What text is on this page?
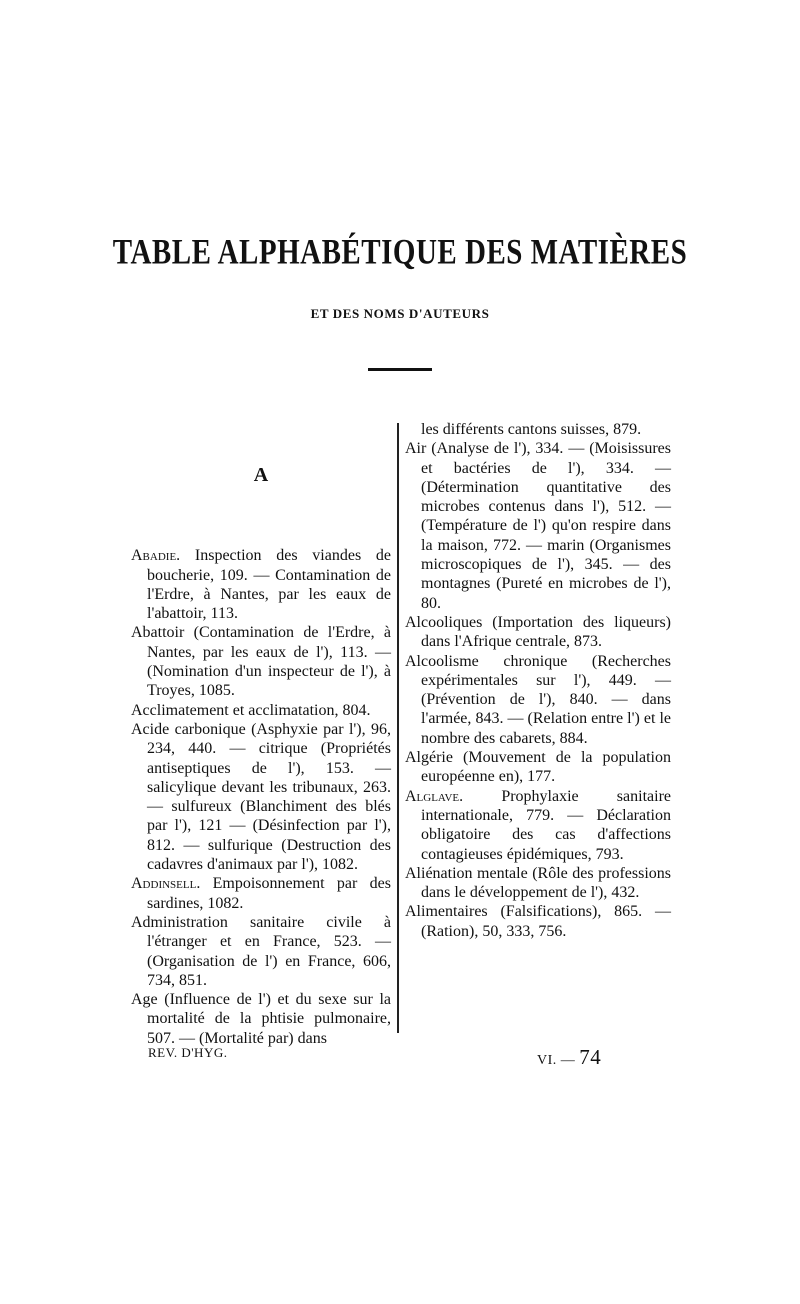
TABLE ALPHABÉTIQUE DES MATIÈRES
ET DES NOMS D'AUTEURS
A

Abadie. Inspection des viandes de boucherie, 109. — Contamination de l'Erdre, à Nantes, par les eaux de l'abattoir, 113.

Abattoir (Contamination de l'Erdre, à Nantes, par les eaux de l'), 113. — (Nomination d'un inspecteur de l'), à Troyes, 1085.

Acclimatement et acclimatation, 804.

Acide carbonique (Asphyxie par l'), 96, 234, 440. — citrique (Propriétés antiseptiques de l'), 153. — salicylique devant les tribunaux, 263. — sulfureux (Blanchiment des blés par l'), 121 — (Désinfection par l'), 812. — sulfurique (Destruction des cadavres d'animaux par l'), 1082.

Addinsell. Empoisonnement par des sardines, 1082.

Administration sanitaire civile à l'étranger et en France, 523. — (Organisation de l') en France, 606, 734, 851.

Age (Influence de l') et du sexe sur la mortalité de la phtisie pulmonaire, 507. — (Mortalité par) dans

les différents cantons suisses, 879.

Air (Analyse de l'), 334. — (Moisissures et bactéries de l'), 334. — (Détermination quantitative des microbes contenus dans l'), 512. — (Température de l') qu'on respire dans la maison, 772. — marin (Organismes microscopiques de l'), 345. — des montagnes (Pureté en microbes de l'), 80.

Alcooliques (Importation des liqueurs) dans l'Afrique centrale, 873.

Alcoolisme chronique (Recherches expérimentales sur l'), 449. — (Prévention de l'), 840. — dans l'armée, 843. — (Relation entre l') et le nombre des cabarets, 884.

Algérie (Mouvement de la population européenne en), 177.

Alglave. Prophylaxie sanitaire internationale, 779. — Déclaration obligatoire des cas d'affections contagieuses épidémiques, 793.

Aliénation mentale (Rôle des professions dans le développement de l'), 432.

Alimentaires (Falsifications), 865. — (Ration), 50, 333, 756.

REV. D'HYG.
VI. — 74
